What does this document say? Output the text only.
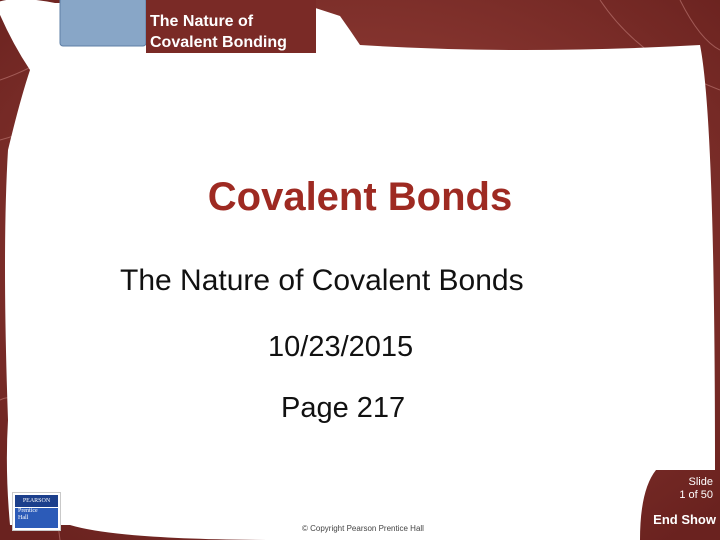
The Nature of
Covalent Bonding
>
Covalent Bonds
The Nature of Covalent Bonds
10/23/2015
Page 217
© Copyright Pearson Prentice Hall
Slide
1 of 50
End Show
PEARSON
Prentice
Hall
